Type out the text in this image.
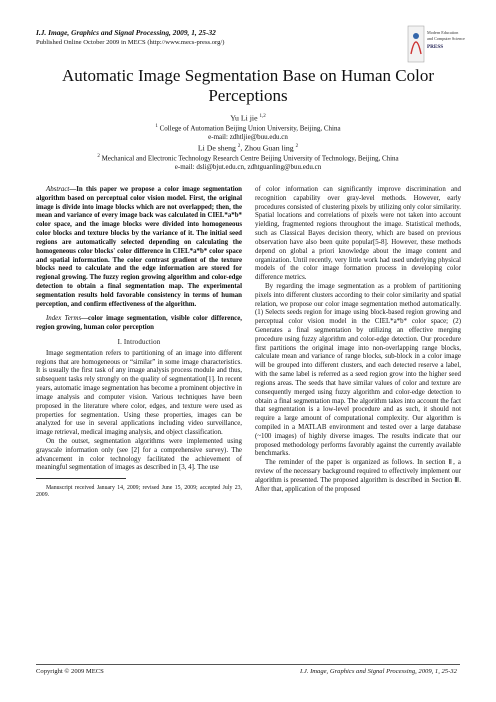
I.J. Image, Graphics and Signal Processing, 2009, 1, 25-32
Published Online October 2009 in MECS (http://www.mecs-press.org/)
Modern Education
and Computer Science
PRESS
Automatic Image Segmentation Base on Human Color Perceptions
Yu Li jie $^{1,2}$
$^1$ College of Automation Beijing Union University, Beijing, China
e-mail: zdhtljie@buu.edu.cn
Li De sheng $^2$, Zhou Guan ling $^2$
$^2$ Mechanical and Electronic Technology Research Centre Beijing University of Technology, Beijing, China
e-mail: dsli@bjut.edu.cn, zdhtguanling@buu.edu.cn
Abstract—In this paper we propose a color image segmentation algorithm based on perceptual color vision model. First, the original image is divide into image blocks which are not overlapped; then, the mean and variance of every image back was calculated in CIEL*a*b* color space, and the image blocks were divided into homogeneous color blocks and texture blocks by the variance of it. The initial seed regions are automatically selected depending on calculating the homogeneous color blocks' color difference in CIEL*a*b* color space and spatial information. The color contrast gradient of the texture blocks need to calculate and the edge information are stored for regional growing. The fuzzy region growing algorithm and color-edge detection to obtain a final segmentation map. The experimental segmentation results hold favorable consistency in terms of human perception, and confirm effectiveness of the algorithm.
Index Terms—color image segmentation, visible color difference, region growing, human color perception
I. Introduction
Image segmentation refers to partitioning of an image into different regions that are homogeneous or “similar” in some image characteristics. It is usually the first task of any image analysis process module and thus, subsequent tasks rely strongly on the quality of segmentation[1]. In recent years, automatic image segmentation has become a prominent objective in image analysis and computer vision. Various techniques have been proposed in the literature where color, edges, and texture were used as properties for segmentation. Using these properties, images can be analyzed for use in several applications including video surveillance, image retrieval, medical imaging analysis, and object classification.
On the outset, segmentation algorithms were implemented using grayscale information only (see [2] for a comprehensive survey). The advancement in color technology facilitated the achievement of meaningful segmentation of images as described in [3, 4]. The use
Manuscript received January 14, 2009; revised June 15, 2009; accepted July 23, 2009.
of color information can significantly improve discrimination and recognition capability over gray-level methods. However, early procedures consisted of clustering pixels by utilizing only color similarity. Spatial locations and correlations of pixels were not taken into account yielding, fragmented regions throughout the image. Statistical methods, such as Classical Bayes decision theory, which are based on previous observation have also been quite popular[5-8]. However, these methods depend on global a priori knowledge about the image content and organization. Until recently, very little work had used underlying physical models of the color image formation process in developing color difference metrics.
By regarding the image segmentation as a problem of partitioning pixels into different clusters according to their color similarity and spatial relation, we propose our color image segmentation method automatically. (1) Selects seeds region for image using block-based region growing and perceptual color vision model in the CIEL*a*b* color space; (2) Generates a final segmentation by utilizing an effective merging procedure using fuzzy algorithm and color-edge detection. Our procedure first partitions the original image into non-overlapping range blocks, calculate mean and variance of range blocks, sub-block in a color image will be grouped into different clusters, and each detected reserve a label, with the same label is referred as a seed region grow into the higher seed regions areas. The seeds that have similar values of color and texture are consequently merged using fuzzy algorithm and color-edge detection to obtain a final segmentation map. The algorithm takes into account the fact that segmentation is a low-level procedure and as such, it should not require a large amount of computational complexity. Our algorithm is compiled in a MATLAB environment and tested over a large database (~100 images) of highly diverse images. The results indicate that our proposed methodology performs favorably against the currently available benchmarks.
The reminder of the paper is organized as follows. In section Ⅱ, a review of the necessary background required to effectively implement our algorithm is presented. The proposed algorithm is described in Section Ⅲ. After that, application of the proposed
Copyright © 2009 MECS	I.J. Image, Graphics and Signal Processing, 2009, 1, 25-32
